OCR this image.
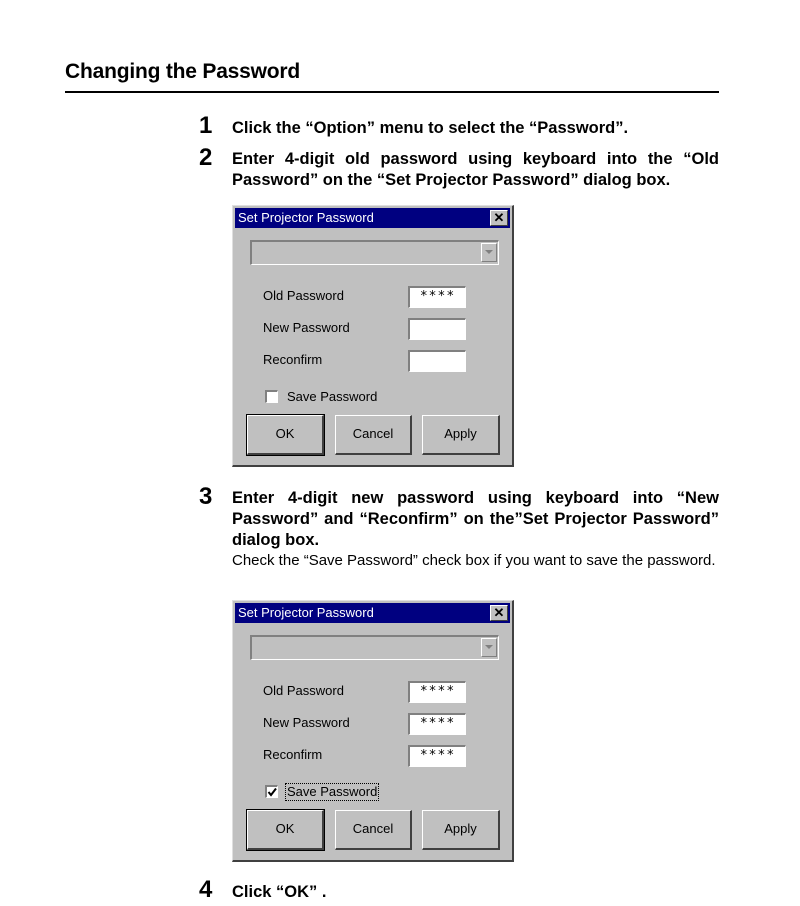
Changing the Password
1 Click the “Option” menu to select the “Password”.
2 Enter 4-digit old password using keyboard into the “Old Password” on the “Set Projector Password” dialog box.
Set Projector Password	✕
Old Password	****
New Password
Reconfirm
Save Password
OK	Cancel	Apply
3 Enter 4-digit new password using keyboard into “New Password” and “Reconfirm” on the”Set Projector Password” dialog box.
Check the “Save Password” check box if you want to save the password.
Set Projector Password	✕
Old Password	****
New Password	****
Reconfirm	****
Save Password
OK	Cancel	Apply
4 Click “OK” .
